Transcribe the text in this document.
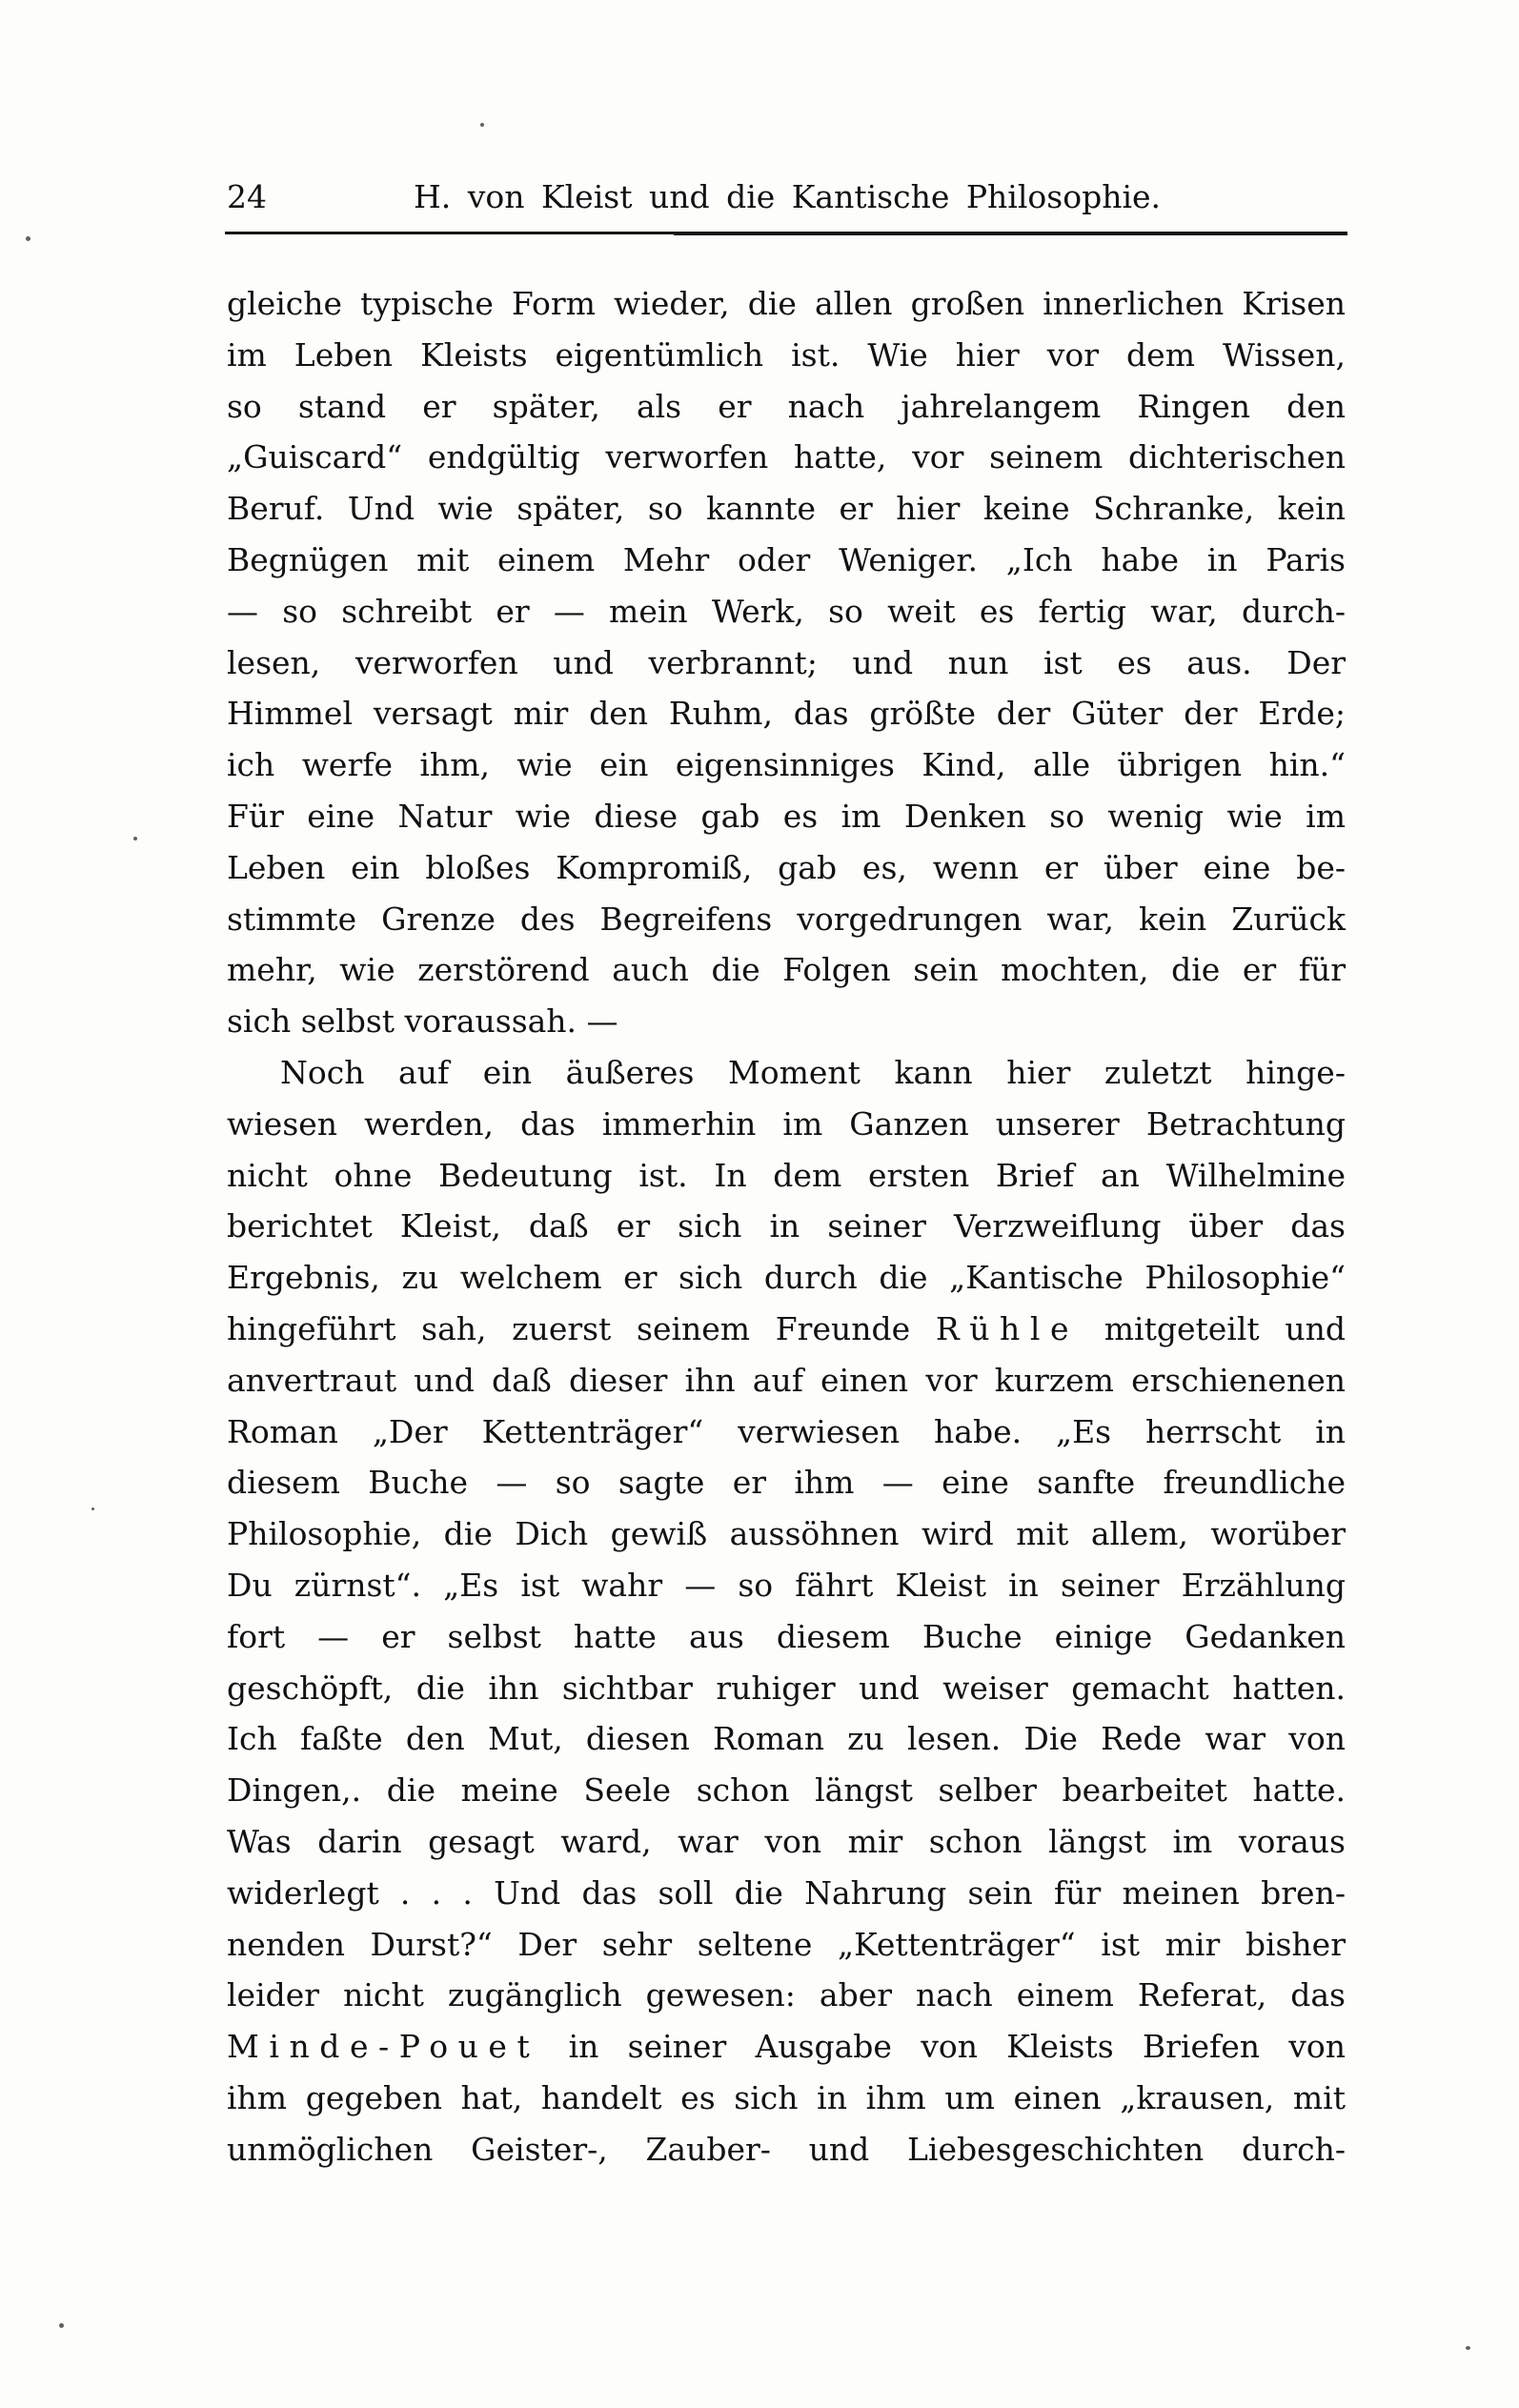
24	H. von Kleist und die Kantische Philosophie.
gleiche typische Form wieder, die allen großen innerlichen Krisen
im Leben Kleists eigentümlich ist. Wie hier vor dem Wissen,
so stand er später, als er nach jahrelangem Ringen den
„Guiscard“ endgültig verworfen hatte, vor seinem dichterischen
Beruf. Und wie später, so kannte er hier keine Schranke, kein
Begnügen mit einem Mehr oder Weniger. „Ich habe in Paris
— so schreibt er — mein Werk, so weit es fertig war, durch-
lesen, verworfen und verbrannt; und nun ist es aus. Der
Himmel versagt mir den Ruhm, das größte der Güter der Erde;
ich werfe ihm, wie ein eigensinniges Kind, alle übrigen hin.“
Für eine Natur wie diese gab es im Denken so wenig wie im
Leben ein bloßes Kompromiß, gab es, wenn er über eine be-
stimmte Grenze des Begreifens vorgedrungen war, kein Zurück
mehr, wie zerstörend auch die Folgen sein mochten, die er für
sich selbst voraussah. —
Noch auf ein äußeres Moment kann hier zuletzt hinge-
wiesen werden, das immerhin im Ganzen unserer Betrachtung
nicht ohne Bedeutung ist. In dem ersten Brief an Wilhelmine
berichtet Kleist, daß er sich in seiner Verzweiflung über das
Ergebnis, zu welchem er sich durch die „Kantische Philosophie“
hingeführt sah, zuerst seinem Freunde Rühle mitgeteilt und
anvertraut und daß dieser ihn auf einen vor kurzem erschienenen
Roman „Der Kettenträger“ verwiesen habe. „Es herrscht in
diesem Buche — so sagte er ihm — eine sanfte freundliche
Philosophie, die Dich gewiß aussöhnen wird mit allem, worüber
Du zürnst“. „Es ist wahr — so fährt Kleist in seiner Erzählung
fort — er selbst hatte aus diesem Buche einige Gedanken
geschöpft, die ihn sichtbar ruhiger und weiser gemacht hatten.
Ich faßte den Mut, diesen Roman zu lesen. Die Rede war von
Dingen,. die meine Seele schon längst selber bearbeitet hatte.
Was darin gesagt ward, war von mir schon längst im voraus
widerlegt . . . Und das soll die Nahrung sein für meinen bren-
nenden Durst?“ Der sehr seltene „Kettenträger“ ist mir bisher
leider nicht zugänglich gewesen: aber nach einem Referat, das
Minde-Pouet in seiner Ausgabe von Kleists Briefen von
ihm gegeben hat, handelt es sich in ihm um einen „krausen, mit
unmöglichen Geister-, Zauber- und Liebesgeschichten durch-
